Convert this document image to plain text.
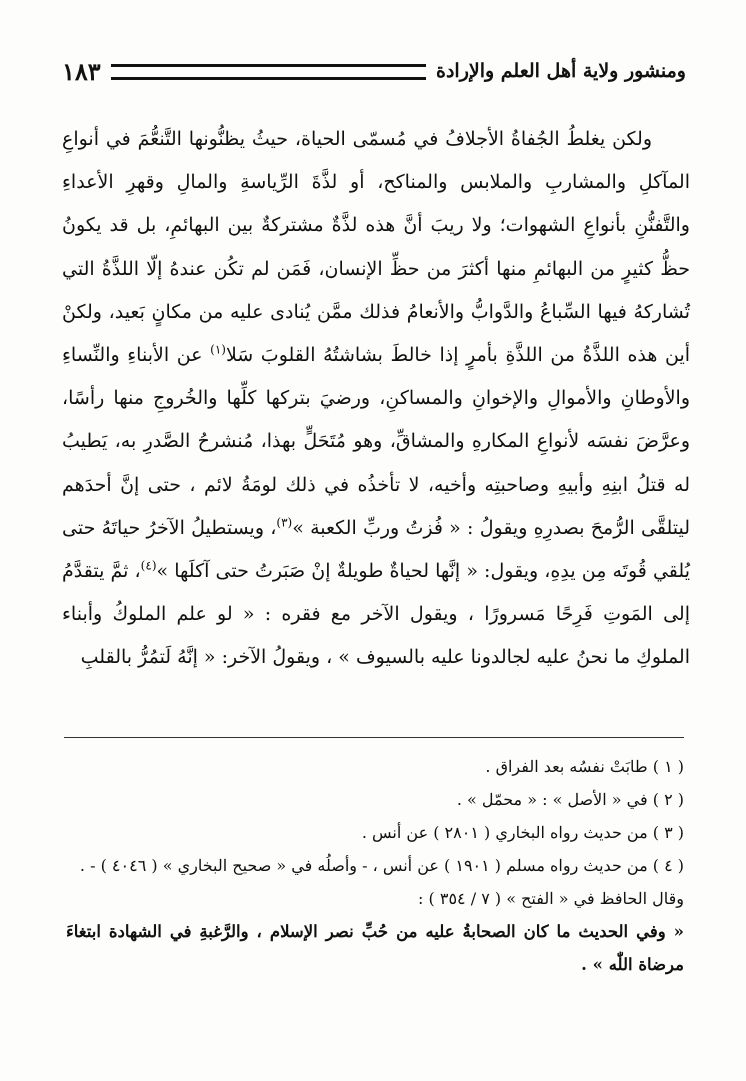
ومنشور ولاية أهل العلم والإرادة
١٨٣

ولكن يغلطُ الجُفاةُ الأجلافُ في مُسمّى الحياة، حيثُ يظنُّونها التَّنعُّمَ في أنواعِ المآكلِ والمشاربِ والملابس والمناكح، أو لذَّةَ الرِّياسةِ والمالِ وقهرِ الأعداءِ والتَّفنُّنِ بأنواعِ الشهوات؛ ولا ريبَ أنَّ هذه لذَّةٌ مشتركةٌ بين البهائمِ، بل قد يكونُ حظُّ كثيرٍ من البهائمِ منها أكثرَ من حظِّ الإنسان، فَمَن لم تكُن عندهُ إلّا اللذَّةُ التي تُشاركهُ فيها السِّباعُ والدَّوابُّ والأنعامُ فذلك ممَّن يُنادى عليه من مكانٍ بَعيد، ولكنْ أين هذه اللذَّةُ من اللذَّةِ بأمرٍ إذا خالطَ بشاشتُهُ القلوبَ سَلا$^{(١)}$ عن الأبناءِ والنِّساءِ والأوطانِ والأموالِ والإخوانِ والمساكنِ، ورضيَ بتركها كلِّها والخُروجِ منها رأسًا، وعرَّضَ نفسَه لأنواعِ المكارهِ والمشاقِّ، وهو مُتَحَلٍّ بهذا، مُنشرحُ الصَّدرِ به، يَطيبُ له قتلُ ابنِهِ وأبيهِ وصاحبتِه وأخيه، لا تأخذُه في ذلك لومَةُ لائم ، حتى إنَّ أحدَهم ليتلقَّى الرُّمحَ بصدرِهِ ويقولُ : « فُزتُ وربِّ الكعبة »$^{(٣)}$، ويستطيلُ الآخرُ حياتَهُ حتى يُلقي قُوتَه مِن يدِهِ، ويقول: « إنَّها لحياةٌ طويلةٌ إنْ صَبَرتُ حتى آكلَها »$^{(٤)}$، ثمَّ يتقدَّمُ إلى المَوتِ فَرِحًا مَسرورًا ، ويقول الآخر مع فقره : « لو علم الملوكُ وأبناء الملوكِ ما نحنُ عليه لجالدونا عليه بالسيوف » ، ويقولُ الآخر: « إنَّهُ لَتمُرُّ بالقلبِ

( ١ ) طابَتْ نفسُه بعد الفراق .

( ٢ ) في « الأصل » : « محمّل » .

( ٣ ) من حديث رواه البخاري ( ٢٨٠١ ) عن أنس .

( ٤ ) من حديث رواه مسلم ( ١٩٠١ ) عن أنس ، - وأصلُه في « صحيح البخاري » ( ٤٠٤٦ ) - .

وقال الحافظ في « الفتح » ( ٧ / ٣٥٤ ) :

« وفي الحديث ما كان الصحابةُ عليه من حُبِّ نصر الإسلام ، والرَّغبةِ في الشهادة ابتغاءَ مرضاة اللّٰه » .
